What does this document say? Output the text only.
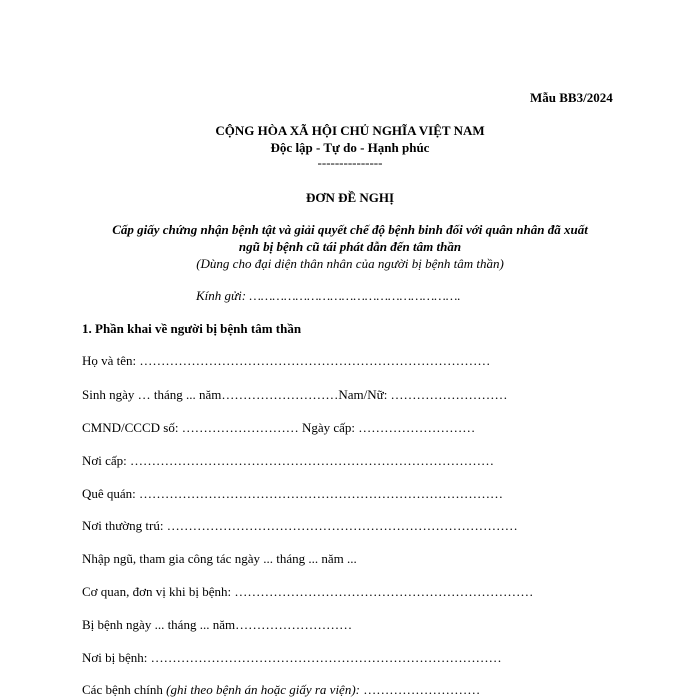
Mẫu BB3/2024
CỘNG HÒA XÃ HỘI CHỦ NGHĨA VIỆT NAM
Độc lập - Tự do - Hạnh phúc
---------------
ĐƠN ĐỀ NGHỊ
Cấp giấy chứng nhận bệnh tật và giải quyết chế độ bệnh binh đối với quân nhân đã xuất
ngũ bị bệnh cũ tái phát dẫn đến tâm thần
(Dùng cho đại diện thân nhân của người bị bệnh tâm thần)
Kính gửi: ……………………………………………….
1. Phần khai về người bị bệnh tâm thần
Họ và tên: ………………………………………………………………………
Sinh ngày … tháng ... năm………………………Nam/Nữ: ………………………
CMND/CCCD số: ……………………… Ngày cấp: ………………………
Nơi cấp: …………………………………………………………………………
Quê quán: …………………………………………………………………………
Nơi thường trú: ………………………………………………………………………
Nhập ngũ, tham gia công tác ngày ... tháng ... năm ...
Cơ quan, đơn vị khi bị bệnh: ……………………………………………………………
Bị bệnh ngày ... tháng ... năm………………………
Nơi bị bệnh: ………………………………………………………………………
Các bệnh chính (ghi theo bệnh án hoặc giấy ra viện): ………………………
